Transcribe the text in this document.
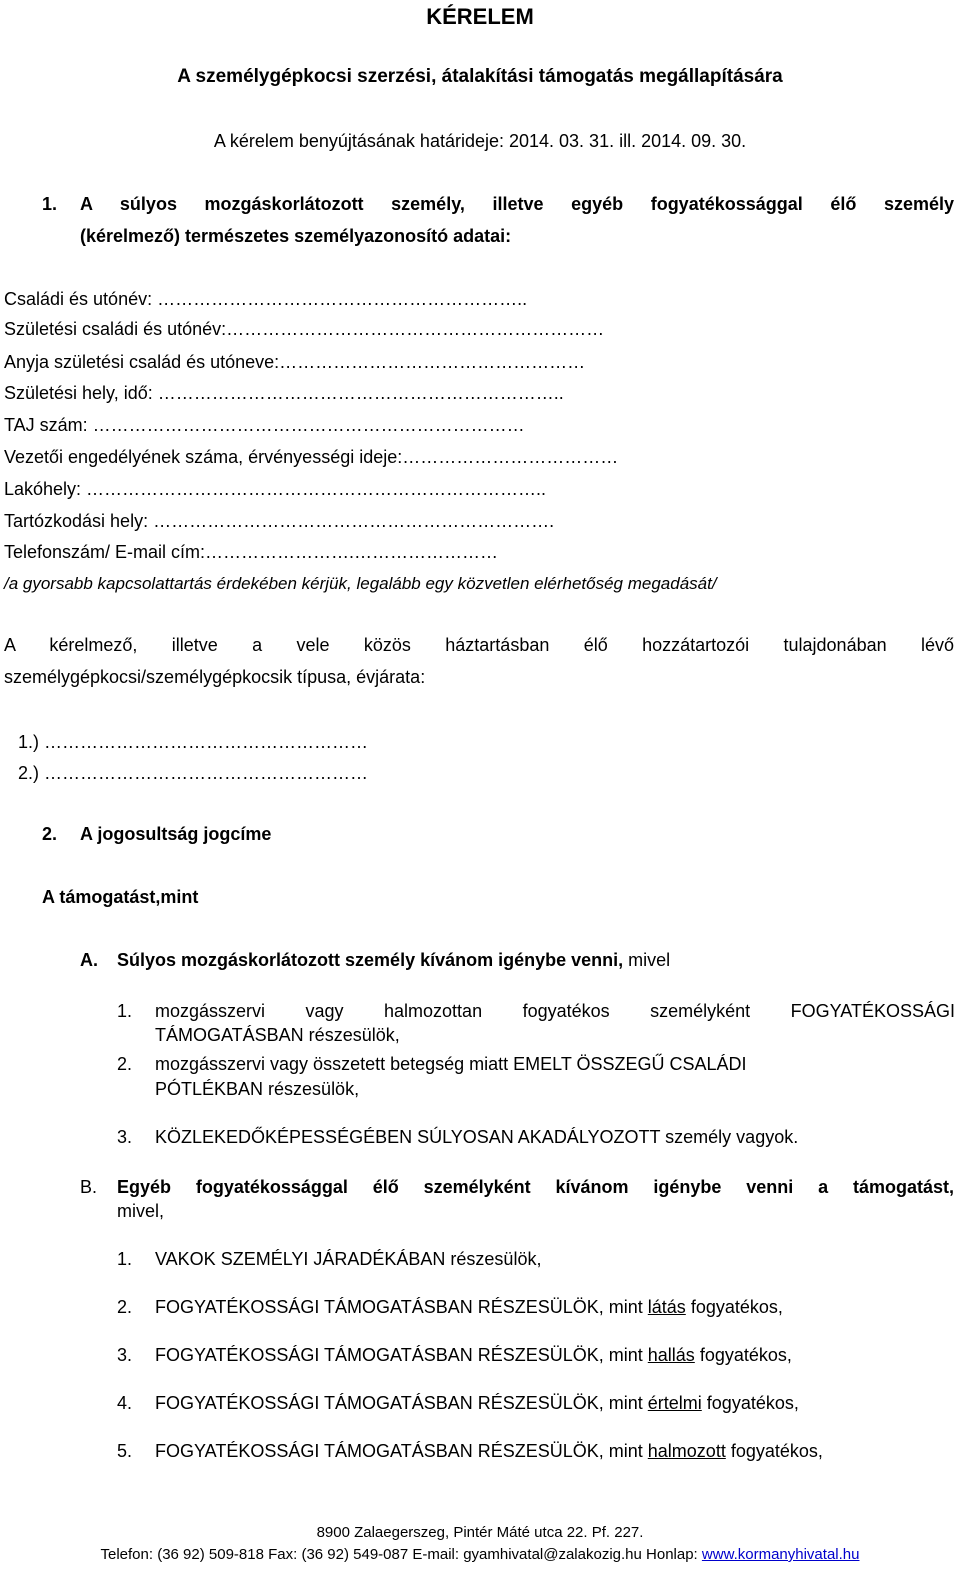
KÉRELEM
A személygépkocsi szerzési, átalakítási támogatás megállapítására
A kérelem benyújtásának határideje: 2014. 03. 31. ill. 2014. 09. 30.
1. A súlyos mozgáskorlátozott személy, illetve egyéb fogyatékossággal élő személy
(kérelmező) természetes személyazonosító adatai:
Családi és utónév: ……………………………………………………..
Születési családi és utónév:………………………………………………………
Anyja születési család és utóneve:……………………………………………
Születési hely, idő: …………………………………………………………..
TAJ szám: ………………………………………………………………
Vezetői engedélyének száma, érvényességi ideje:………………………………
Lakóhely: …………………………………………………………………..
Tartózkodási hely: ………………………………………………………….
Telefonszám/ E-mail cím:…………………….……………………
/a gyorsabb kapcsolattartás érdekében kérjük, legalább egy közvetlen elérhetőség megadását/
A kérelmező, illetve a vele közös háztartásban élő hozzátartozói tulajdonában lévő
személygépkocsi/személygépkocsik típusa, évjárata:
1.) ………………………………………………
2.) ………………………………………………
2. A jogosultság jogcíme
A támogatást,mint
A. Súlyos mozgáskorlátozott személy kívánom igénybe venni, mivel
1. mozgásszervi vagy halmozottan fogyatékos személyként FOGYATÉKOSSÁGI
TÁMOGATÁSBAN részesülök,
2. mozgásszervi vagy összetett betegség miatt EMELT ÖSSZEGŰ CSALÁDI
PÓTLÉKBAN részesülök,
3. KÖZLEKEDŐKÉPESSÉGÉBEN SÚLYOSAN AKADÁLYOZOTT személy vagyok.
B. Egyéb fogyatékossággal élő személyként kívánom igénybe venni a támogatást,
mivel,
1. VAKOK SZEMÉLYI JÁRADÉKÁBAN részesülök,
2. FOGYATÉKOSSÁGI TÁMOGATÁSBAN RÉSZESÜLÖK, mint látás fogyatékos,
3. FOGYATÉKOSSÁGI TÁMOGATÁSBAN RÉSZESÜLÖK, mint hallás fogyatékos,
4. FOGYATÉKOSSÁGI TÁMOGATÁSBAN RÉSZESÜLÖK, mint értelmi fogyatékos,
5. FOGYATÉKOSSÁGI TÁMOGATÁSBAN RÉSZESÜLÖK, mint halmozott fogyatékos,
8900 Zalaegerszeg, Pintér Máté utca 22. Pf. 227.
Telefon: (36 92) 509-818 Fax: (36 92) 549-087 E-mail: gyamhivatal@zalakozig.hu Honlap: www.kormanyhivatal.hu
